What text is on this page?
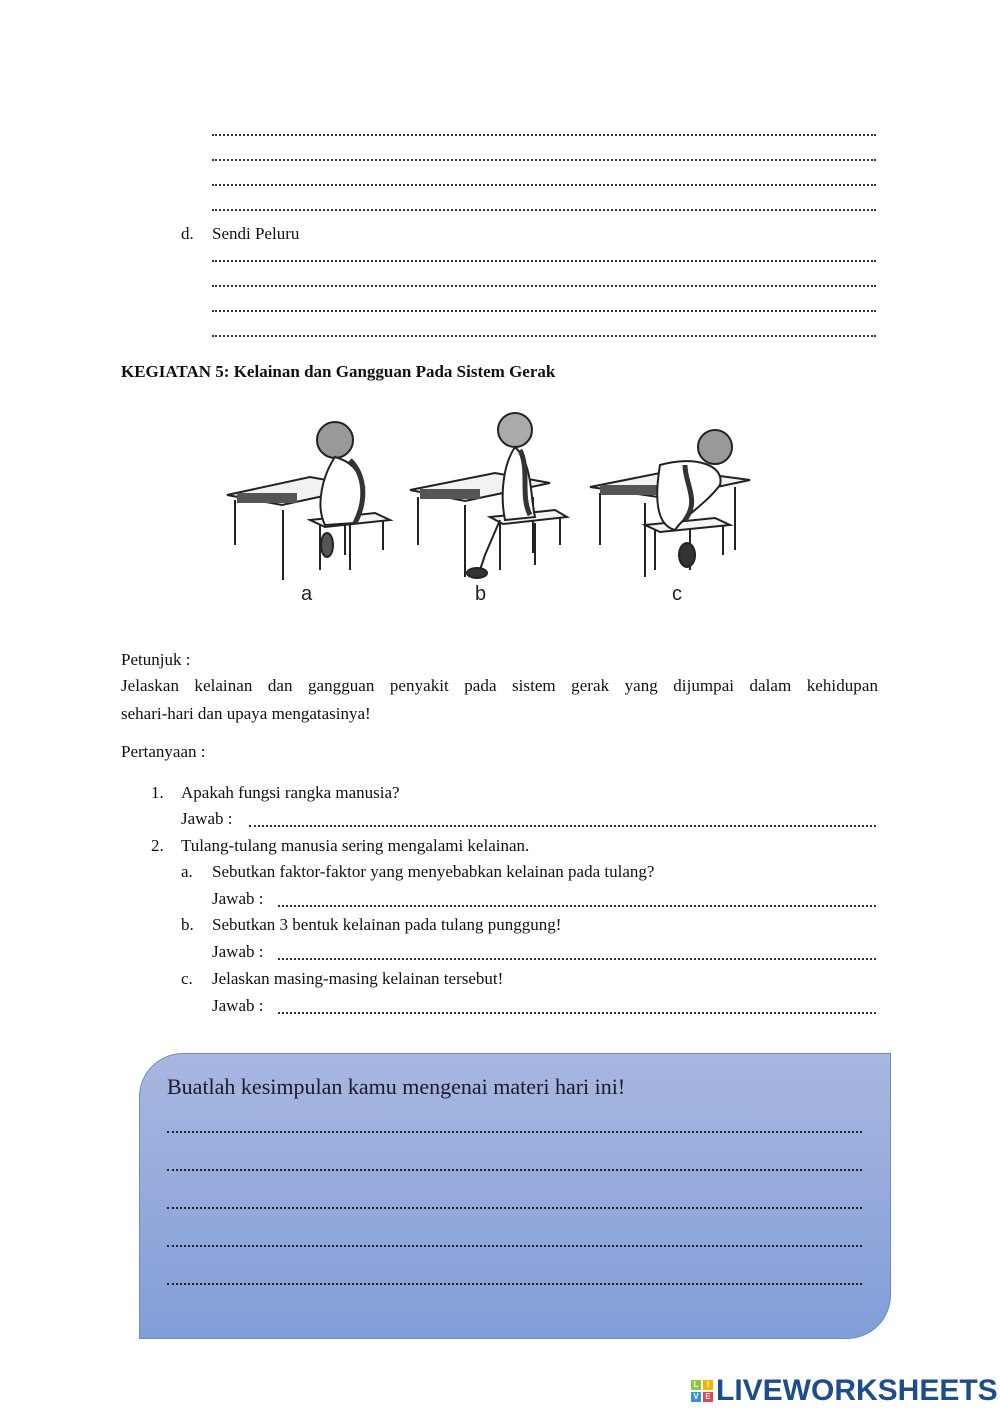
d. Sendi Peluru
KEGIATAN 5: Kelainan dan Gangguan Pada Sistem Gerak
a	b	c
Petunjuk :
Jelaskan kelainan dan gangguan penyakit pada sistem gerak yang dijumpai dalam kehidupan
sehari-hari dan upaya mengatasinya!
Pertanyaan :
1. Apakah fungsi rangka manusia?
Jawab :
2. Tulang-tulang manusia sering mengalami kelainan.
a. Sebutkan faktor-faktor yang menyebabkan kelainan pada tulang?
Jawab :
b. Sebutkan 3 bentuk kelainan pada tulang punggung!
Jawab :
c. Jelaskan masing-masing kelainan tersebut!
Jawab :
Buatlah kesimpulan kamu mengenai materi hari ini!
L	I
V E LIVEWORKSHEETS
